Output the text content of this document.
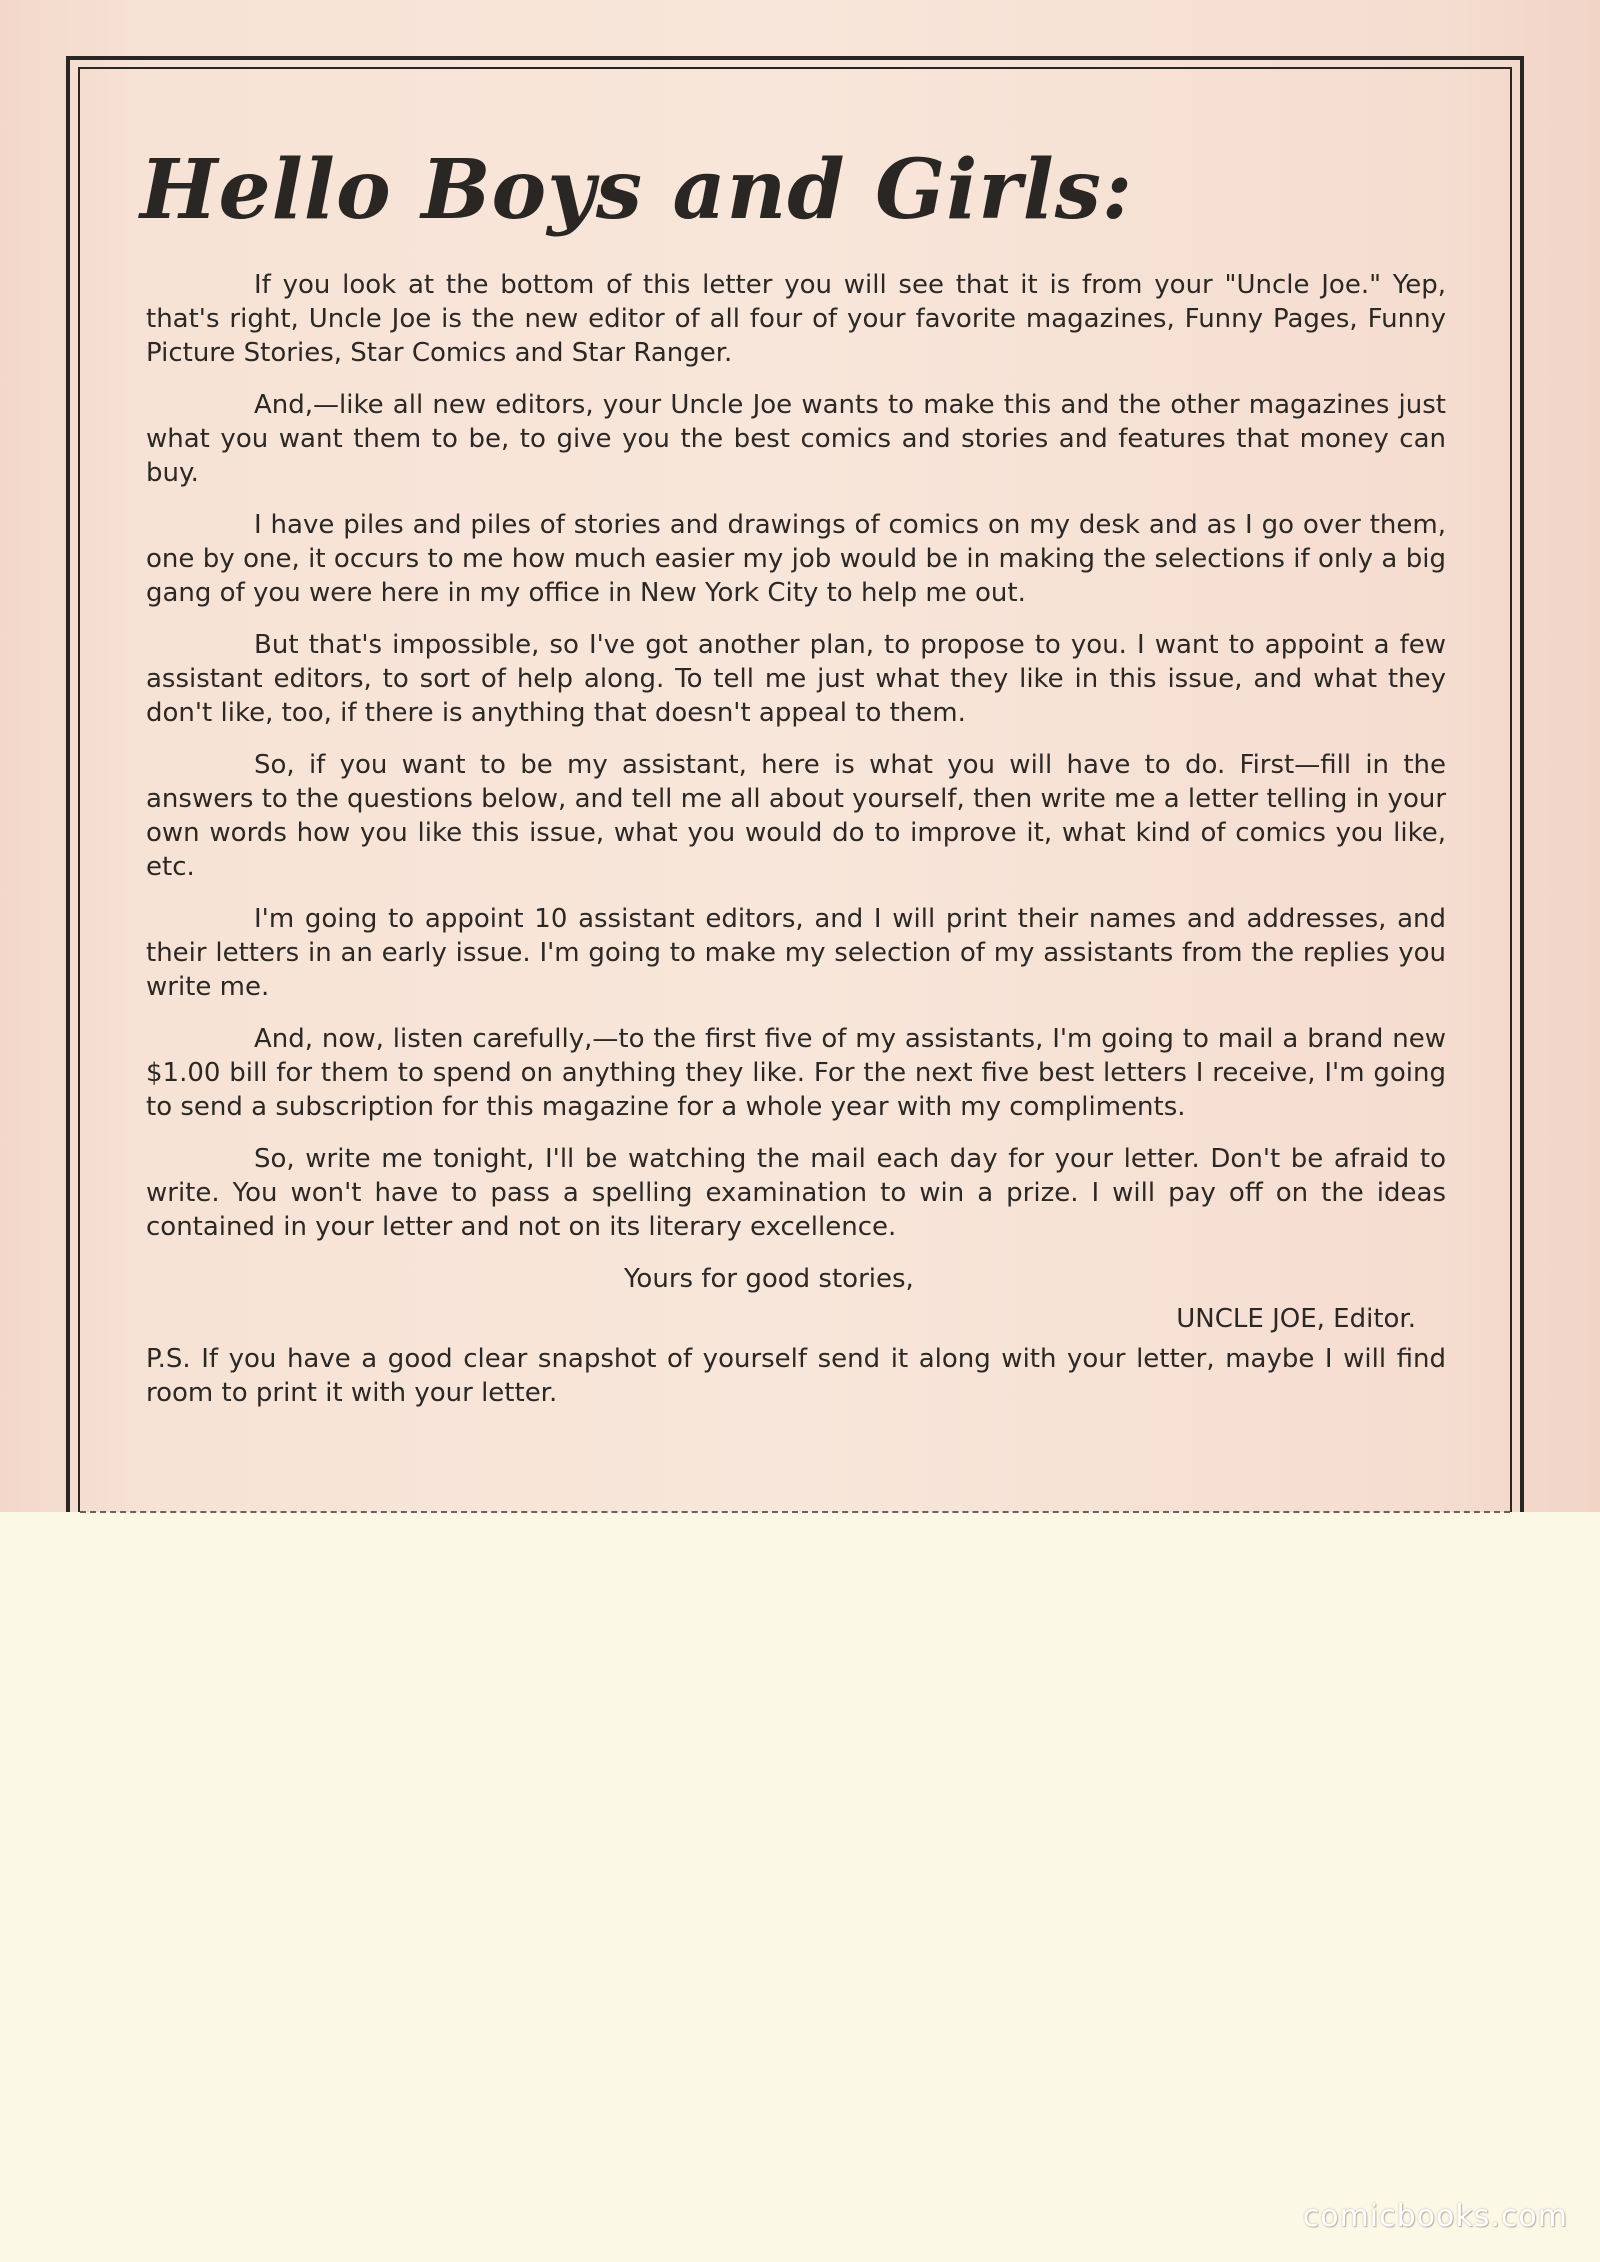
Hello Boys and Girls:

If you look at the bottom of this letter you will see that it is from your "Uncle Joe." Yep, that's right, Uncle Joe is the new editor of all four of your favorite magazines, Funny Pages, Funny Picture Stories, Star Comics and Star Ranger.

And,—like all new editors, your Uncle Joe wants to make this and the other magazines just what you want them to be, to give you the best comics and stories and features that money can buy.

I have piles and piles of stories and drawings of comics on my desk and as I go over them, one by one, it occurs to me how much easier my job would be in making the selections if only a big gang of you were here in my office in New York City to help me out.

But that's impossible, so I've got another plan, to propose to you. I want to appoint a few assistant editors, to sort of help along. To tell me just what they like in this issue, and what they don't like, too, if there is anything that doesn't appeal to them.

So, if you want to be my assistant, here is what you will have to do. First—fill in the answers to the questions below, and tell me all about yourself, then write me a letter telling in your own words how you like this issue, what you would do to improve it, what kind of comics you like, etc.

I'm going to appoint 10 assistant editors, and I will print their names and addresses, and their letters in an early issue. I'm going to make my selection of my assistants from the replies you write me.

And, now, listen carefully,—to the first five of my assistants, I'm going to mail a brand new $1.00 bill for them to spend on anything they like. For the next five best letters I receive, I'm going to send a subscription for this magazine for a whole year with my compliments.

So, write me tonight, I'll be watching the mail each day for your letter. Don't be afraid to write. You won't have to pass a spelling examination to win a prize. I will pay off on the ideas contained in your letter and not on its literary excellence.

Yours for good stories,

UNCLE JOE, Editor.

P.S. If you have a good clear snapshot of yourself send it along with your letter, maybe I will find room to print it with your letter.

comicbooks.com
